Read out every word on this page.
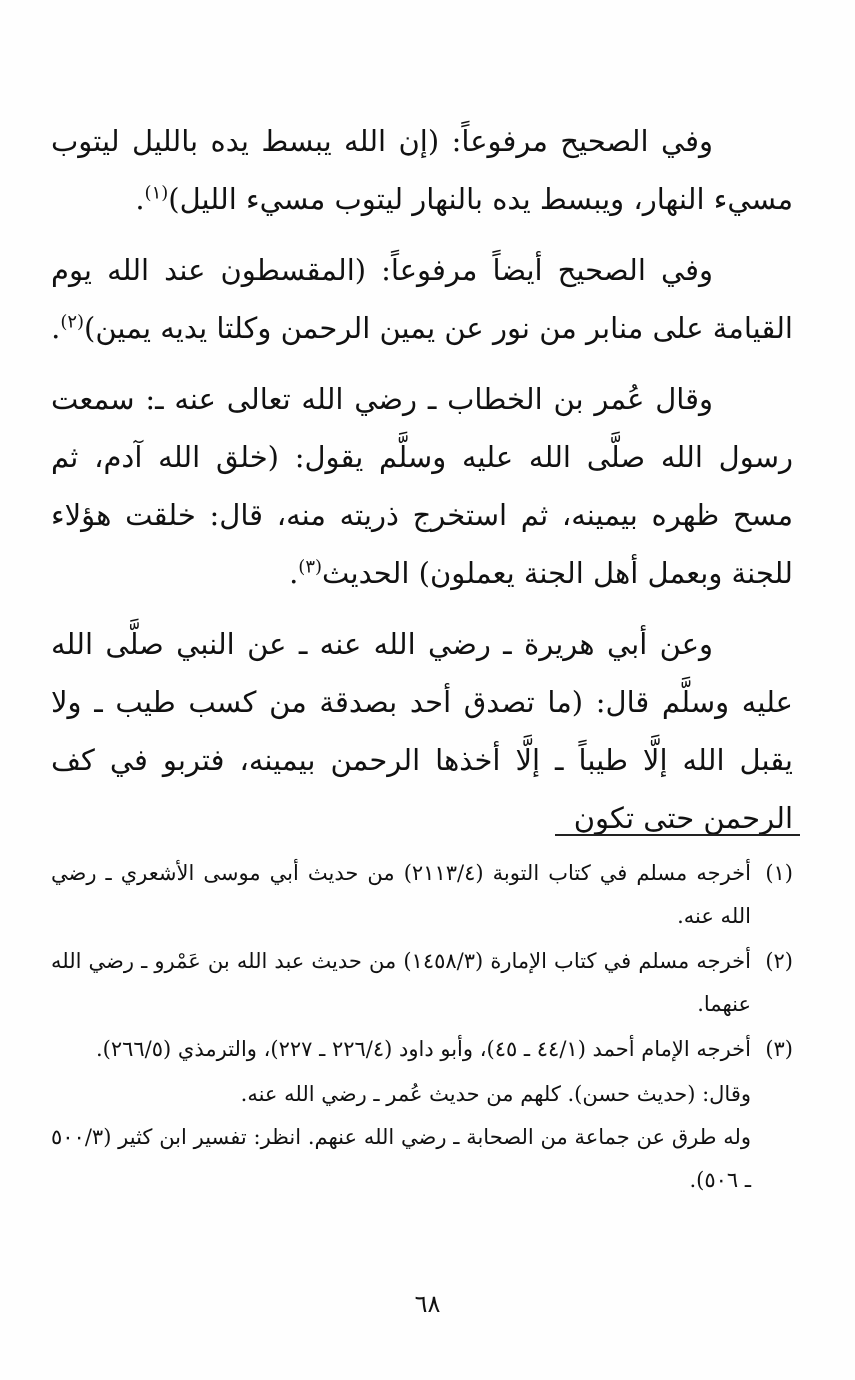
وفي الصحيح مرفوعاً: (إن الله يبسط يده بالليل ليتوب مسيء النهار، ويبسط يده بالنهار ليتوب مسيء الليل)$^{(١)}$.

وفي الصحيح أيضاً مرفوعاً: (المقسطون عند الله يوم القيامة على منابر من نور عن يمين الرحمن وكلتا يديه يمين)$^{(٢)}$.

وقال عُمر بن الخطاب ـ رضي الله تعالى عنه ـ: سمعت رسول الله صلَّى الله عليه وسلَّم يقول: (خلق الله آدم، ثم مسح ظهره بيمينه، ثم استخرج ذريته منه، قال: خلقت هؤلاء للجنة وبعمل أهل الجنة يعملون) الحديث$^{(٣)}$.

وعن أبي هريرة ـ رضي الله عنه ـ عن النبي صلَّى الله عليه وسلَّم قال: (ما تصدق أحد بصدقة من كسب طيب ـ ولا يقبل الله إلَّا طيباً ـ إلَّا أخذها الرحمن بيمينه، فتربو في كف الرحمن حتى تكون

(١)
أخرجه مسلم في كتاب التوبة (٢١١٣/٤) من حديث أبي موسى الأشعري ـ رضي الله عنه.
(٢)
أخرجه مسلم في كتاب الإمارة (١٤٥٨/٣) من حديث عبد الله بن عَمْرو ـ رضي الله عنهما.
(٣)
أخرجه الإمام أحمد (٤٤/١ ـ ٤٥)، وأبو داود (٢٢٦/٤ ـ ٢٢٧)، والترمذي (٢٦٦/٥).

وقال: (حديث حسن). كلهم من حديث عُمر ـ رضي الله عنه.

وله طرق عن جماعة من الصحابة ـ رضي الله عنهم. انظر: تفسير ابن كثير (٥٠٠/٣ ـ ٥٠٦).

٦٨
